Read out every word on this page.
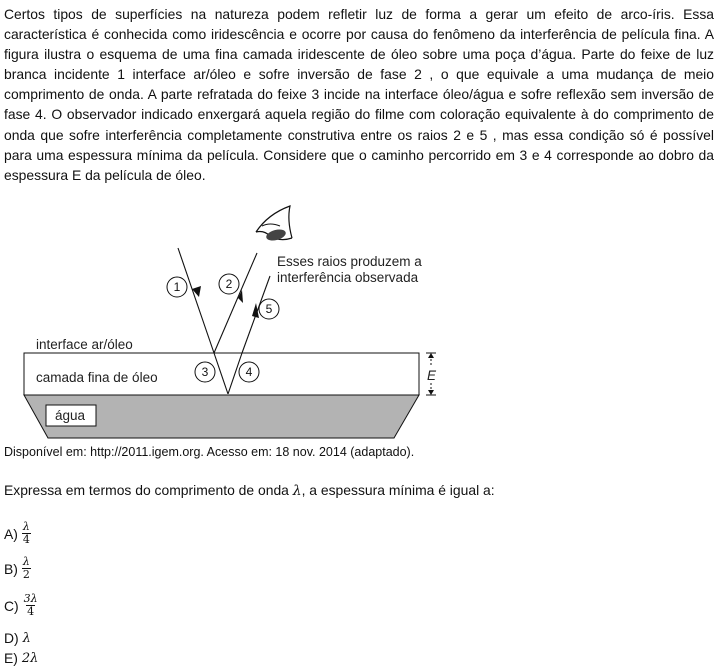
Certos tipos de superfícies na natureza podem refletir luz de forma a gerar um efeito de arco-íris. Essa característica é conhecida como iridescência e ocorre por causa do fenômeno da interferência de película fina. A figura ilustra o esquema de uma fina camada iridescente de óleo sobre uma poça d’água. Parte do feixe de luz branca incidente 1 interface ar/óleo e sofre inversão de fase 2 , o que equivale a uma mudança de meio comprimento de onda. A parte refratada do feixe 3 incide na interface óleo/água e sofre reflexão sem inversão de fase 4. O observador indicado enxergará aquela região do filme com coloração equivalente à do comprimento de onda que sofre interferência completamente construtiva entre os raios 2 e 5 , mas essa condição só é possível para uma espessura mínima da película. Considere que o caminho percorrido em 3 e 4 corresponde ao dobro da espessura E da película de óleo.

água
interface ar/óleo
camada fina de óleo	E
1	2
3	4
5
Esses raios produzem a
interferência observada

Disponível em: http://2011.igem.org. Acesso em: 18 nov. 2014 (adaptado).

Expressa em termos do comprimento de onda λ, a espessura mínima é igual a:

$A) \frac{\lambda}{4}$
$B) \frac{\lambda}{2}$
$C) \frac{3\lambda}{4}$
D) λ
E) 2λ
